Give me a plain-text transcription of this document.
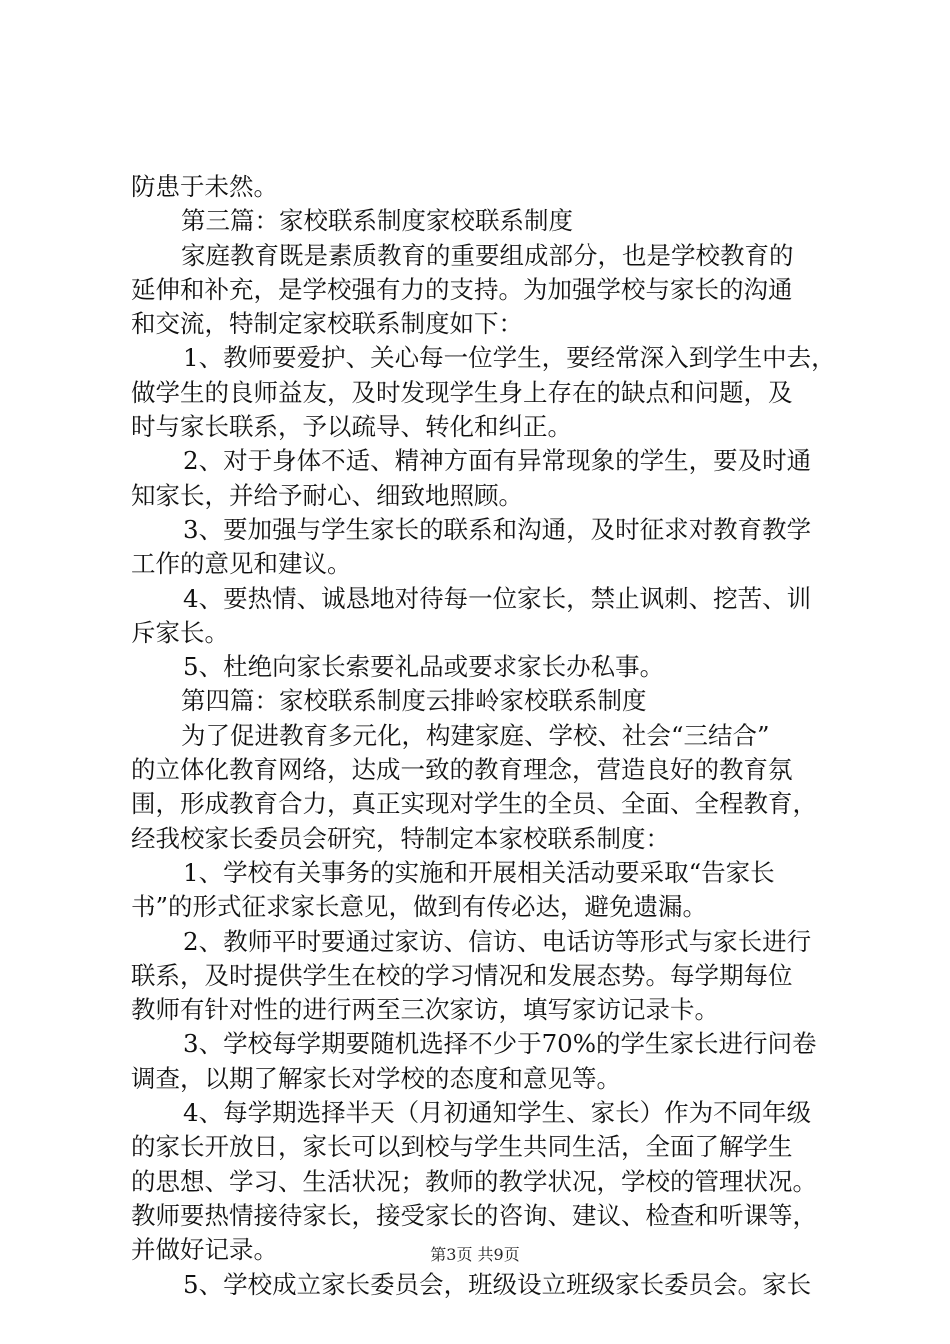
防患于未然。
第三篇：家校联系制度家校联系制度
家庭教育既是素质教育的重要组成部分，也是学校教育的
延伸和补充，是学校强有力的支持。为加强学校与家长的沟通
和交流，特制定家校联系制度如下：
1、教师要爱护、关心每一位学生，要经常深入到学生中去，
做学生的良师益友，及时发现学生身上存在的缺点和问题，及
时与家长联系，予以疏导、转化和纠正。
2、对于身体不适、精神方面有异常现象的学生，要及时通
知家长，并给予耐心、细致地照顾。
3、要加强与学生家长的联系和沟通，及时征求对教育教学
工作的意见和建议。
4、要热情、诚恳地对待每一位家长，禁止讽刺、挖苦、训
斥家长。
5、杜绝向家长索要礼品或要求家长办私事。
第四篇：家校联系制度云排岭家校联系制度
为了促进教育多元化，构建家庭、学校、社会“三结合”
的立体化教育网络，达成一致的教育理念，营造良好的教育氛
围，形成教育合力，真正实现对学生的全员、全面、全程教育，
经我校家长委员会研究，特制定本家校联系制度：
1、学校有关事务的实施和开展相关活动要采取“告家长
书”的形式征求家长意见，做到有传必达，避免遗漏。
2、教师平时要通过家访、信访、电话访等形式与家长进行
联系，及时提供学生在校的学习情况和发展态势。每学期每位
教师有针对性的进行两至三次家访，填写家访记录卡。
3、学校每学期要随机选择不少于70%的学生家长进行问卷
调查，以期了解家长对学校的态度和意见等。
4、每学期选择半天（月初通知学生、家长）作为不同年级
的家长开放日，家长可以到校与学生共同生活，全面了解学生
的思想、学习、生活状况；教师的教学状况，学校的管理状况。
教师要热情接待家长，接受家长的咨询、建议、检查和听课等，
并做好记录。
5、学校成立家长委员会，班级设立班级家长委员会。家长
第3页 共9页
